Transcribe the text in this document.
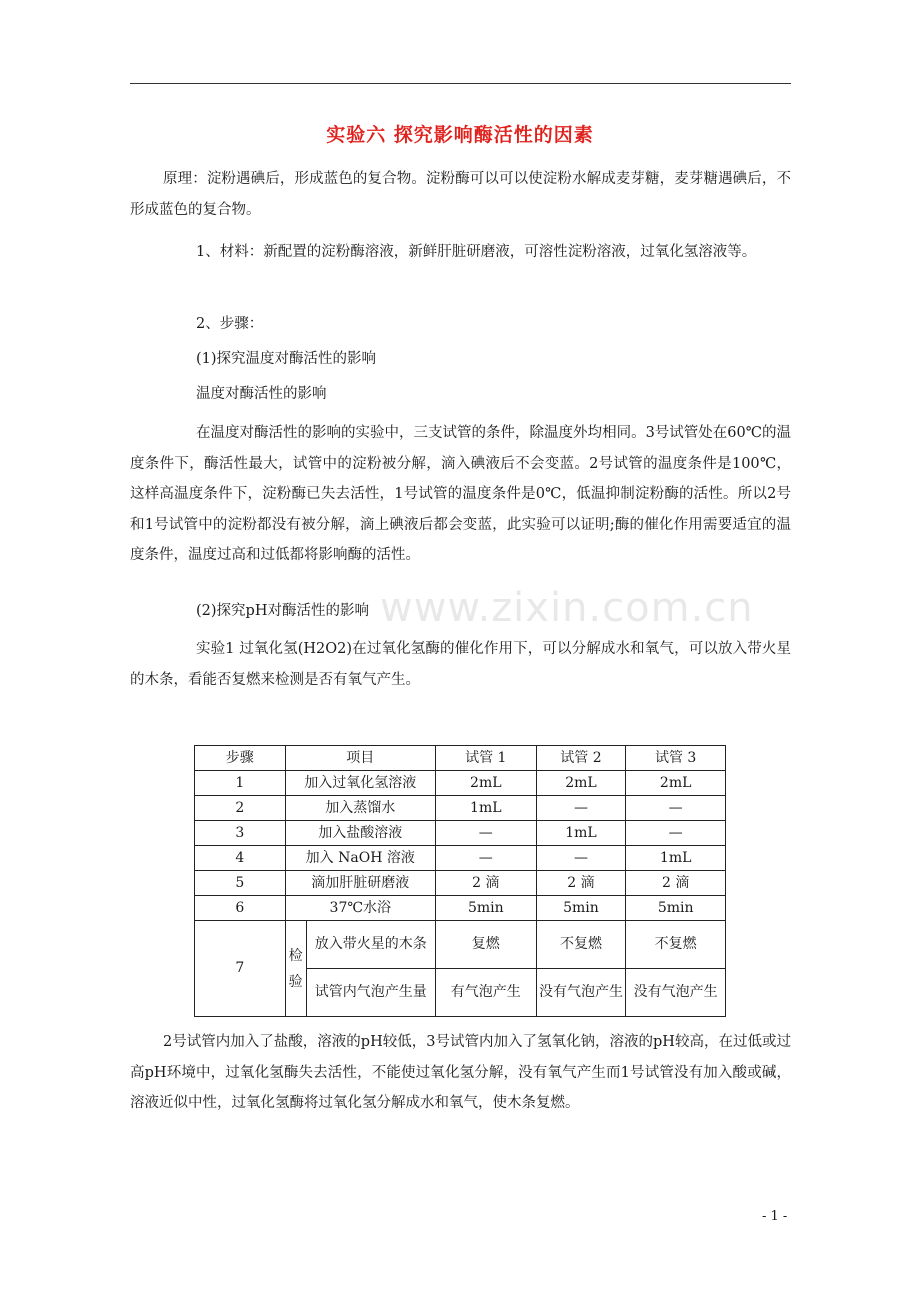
实验六 探究影响酶活性的因素

原理：淀粉遇碘后，形成蓝色的复合物。淀粉酶可以可以使淀粉水解成麦芽糖，麦芽糖遇碘后，不形成蓝色的复合物。

1、材料：新配置的淀粉酶溶液，新鲜肝脏研磨液，可溶性淀粉溶液，过氧化氢溶液等。

2、步骤：

(1)探究温度对酶活性的影响

温度对酶活性的影响

在温度对酶活性的影响的实验中，三支试管的条件，除温度外均相同。3号试管处在60℃的温度条件下，酶活性最大，试管中的淀粉被分解，滴入碘液后不会变蓝。2号试管的温度条件是100℃， 这样高温度条件下，淀粉酶已失去活性，1号试管的温度条件是0℃，低温抑制淀粉酶的活性。所以2号和1号试管中的淀粉都没有被分解，滴上碘液后都会变蓝，此实验可以证明;酶的催化作用需要适宜的温度条件，温度过高和过低都将影响酶的活性。

www.zixin.com.cn

(2)探究pH对酶活性的影响

实验1 过氧化氢(H2O2)在过氧化氢酶的催化作用下，可以分解成水和氧气，可以放入带火星的木条，看能否复燃来检测是否有氧气产生。

步骤	项目		试管 1	试管 2	试管 3
1	加入过氧化氢溶液		2mL	2mL	2mL
2	加入蒸馏水		1mL	—	—
3	加入盐酸溶液		—	1mL	—
4	加入 NaOH 溶液		—	—	1mL
5	滴加肝脏研磨液		2 滴	2 滴	2 滴
6	37℃水浴		5min	5min	5min
7	检验	放入带火星的木条	复燃	不复燃	不复燃
		试管内气泡产生量	有气泡产生	没有气泡产生	没有气泡产生

2号试管内加入了盐酸，溶液的pH较低，3号试管内加入了氢氧化钠，溶液的pH较高，在过低或过高pH环境中，过氧化氢酶失去活性，不能使过氧化氢分解，没有氧气产生而1号试管没有加入酸或碱，溶液近似中性，过氧化氢酶将过氧化氢分解成水和氧气，使木条复燃。

- 1 -
